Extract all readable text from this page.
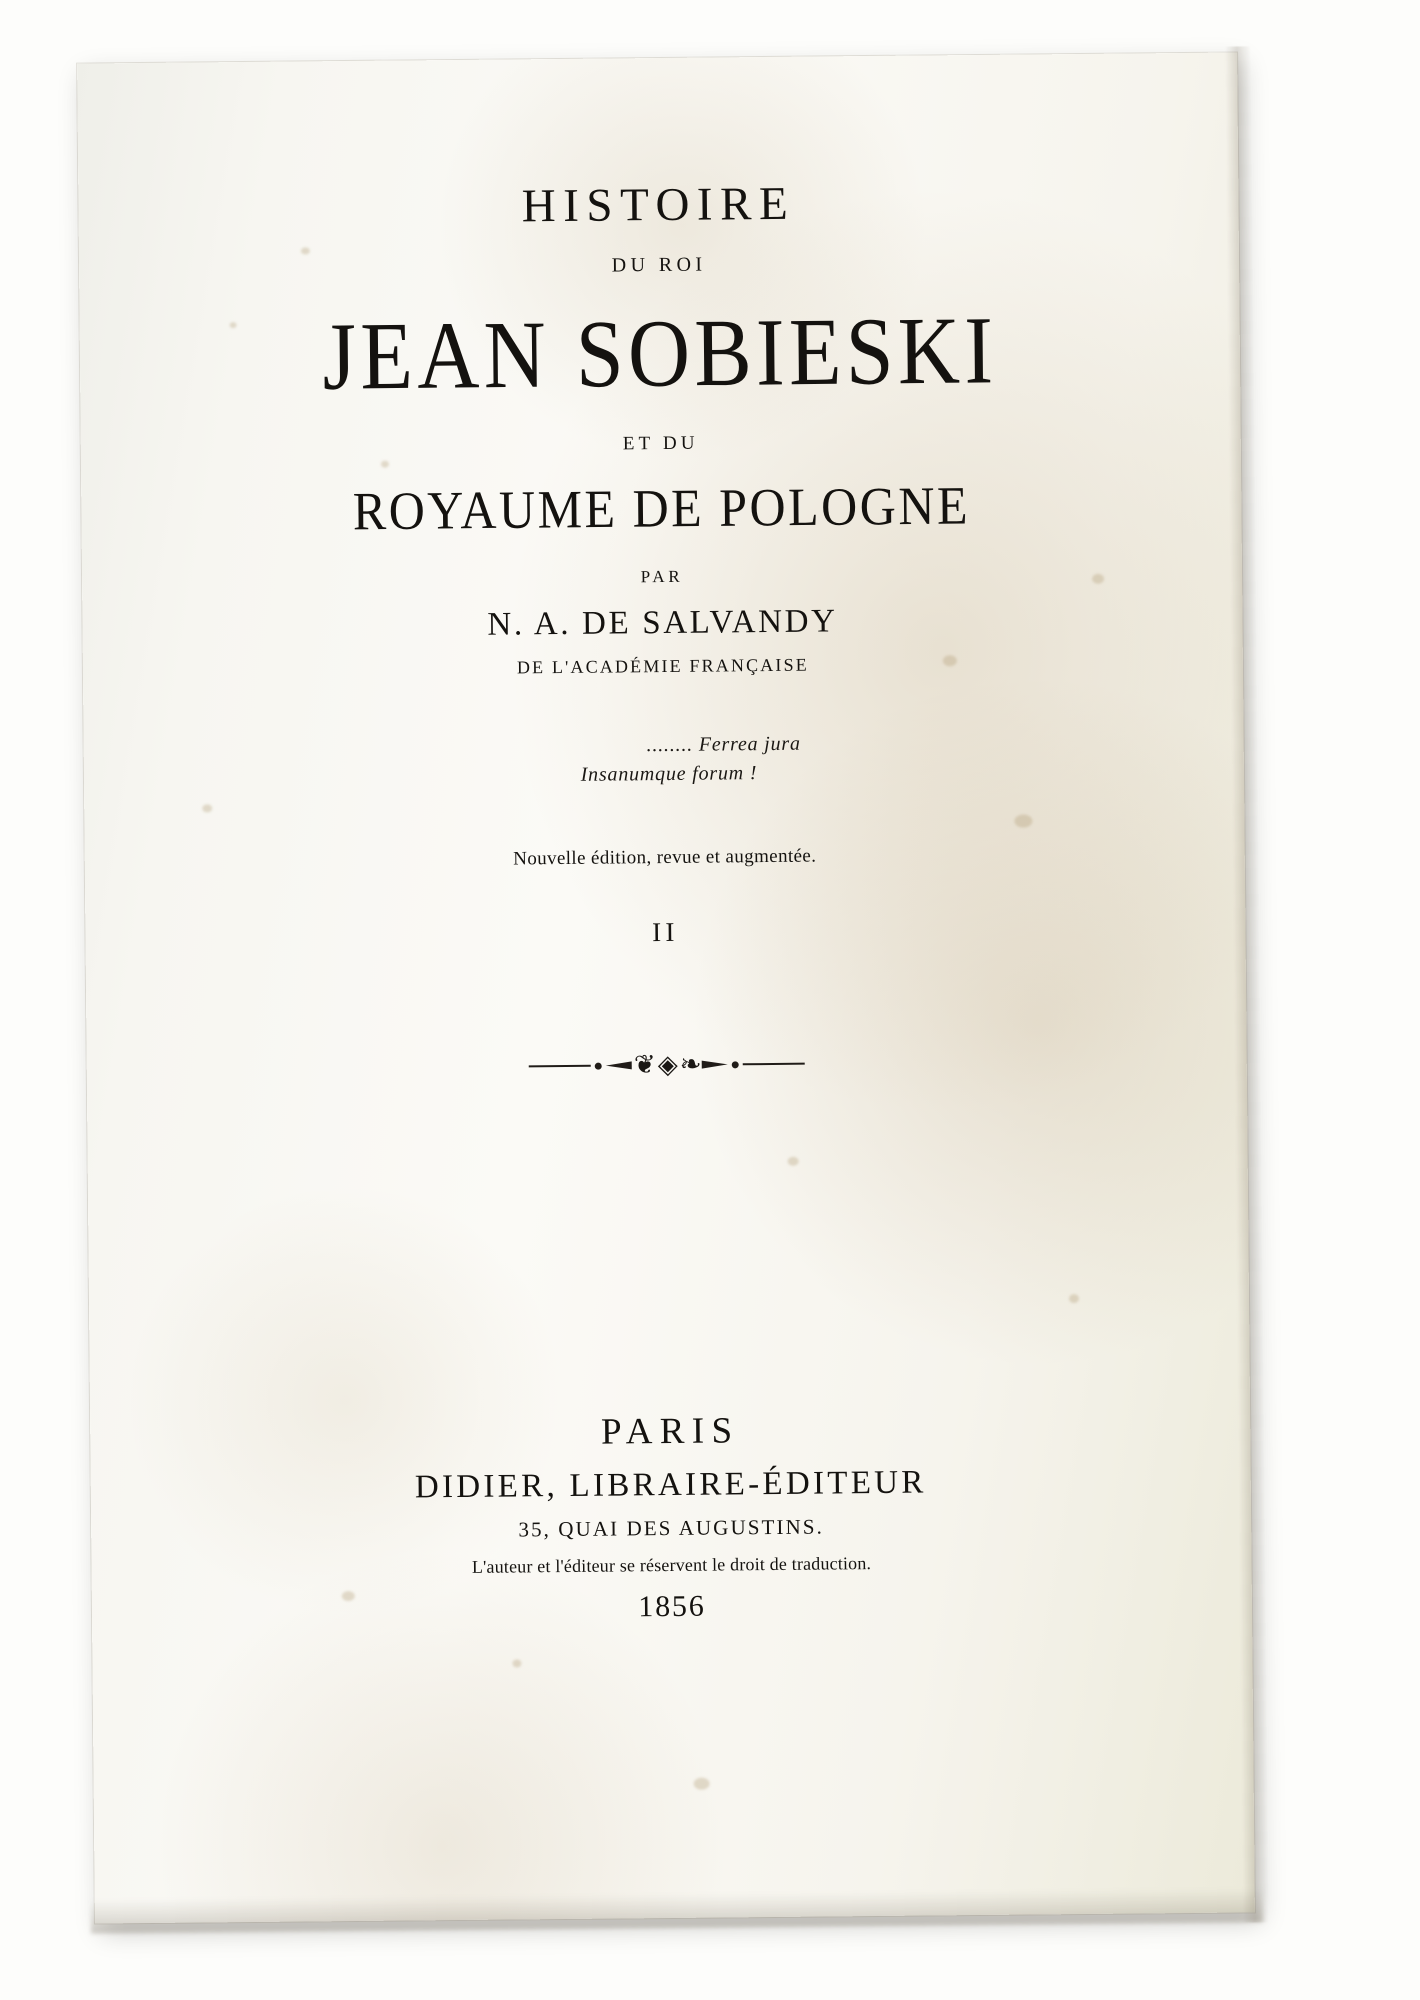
HISTOIRE

DU ROI

JEAN SOBIESKI

ET DU

ROYAUME DE POLOGNE

PAR

N. A. DE SALVANDY

DE L'ACADÉMIE FRANÇAISE

........ Ferrea jura

Insanumque forum !

Nouvelle édition, revue et augmentée.

II

❦ ◈ ❧

PARIS

DIDIER, LIBRAIRE-ÉDITEUR

35, QUAI DES AUGUSTINS.

L'auteur et l'éditeur se réservent le droit de traduction.

1856
